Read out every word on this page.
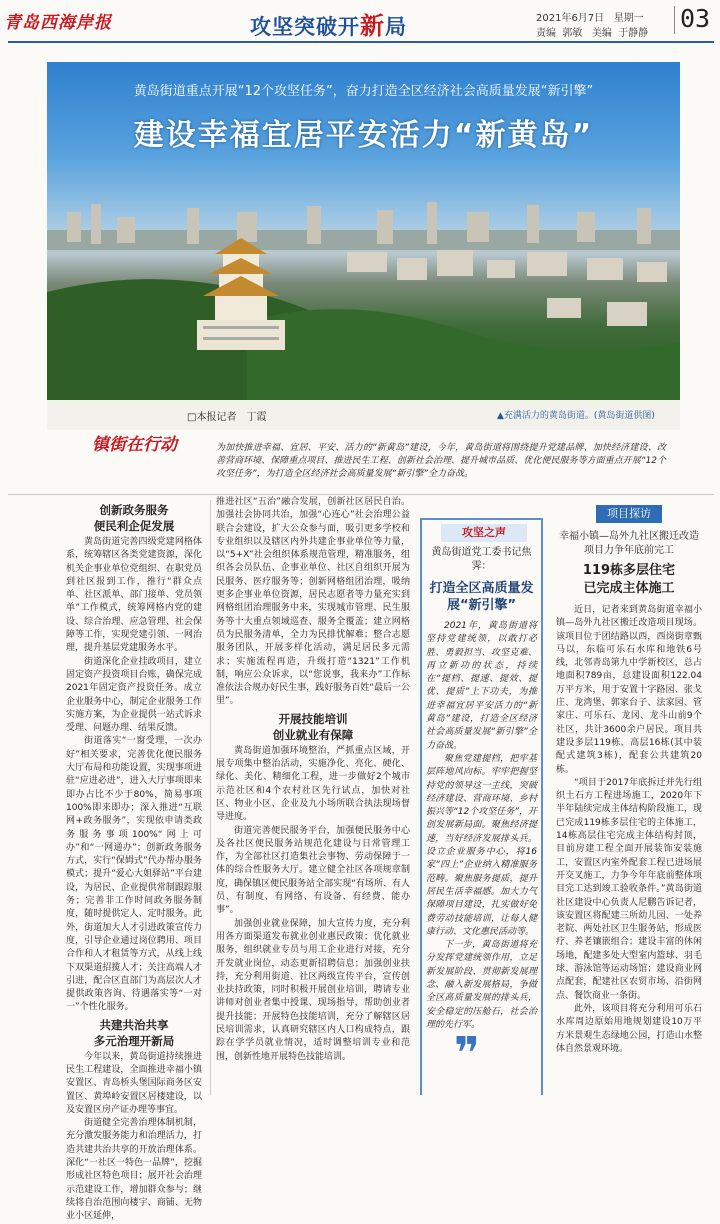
青岛西海岸报	攻坚突破开新局	2021年6月7日 星期一
责编 郭敏 美编 于静静
03
黄岛街道重点开展“12个攻坚任务”，奋力打造全区经济社会高质量发展“新引擎”
建设幸福宜居平安活力“新黄岛”
□本报记者　丁霞	▲充满活力的黄岛街道。(黄岛街道供图)
镇街在行动	为加快推进幸福、宜居、平安、活力的“新黄岛”建设，今年，黄岛街道将围绕提升党建品牌、加快经济建设、改善营商环境、保障重点项目、推进民生工程、创新社会治理、提升城市品质、优化便民服务等方面重点开展“12个攻坚任务”，为打造全区经济社会高质量发展“新引擎”全力奋战。
创新政务服务
便民利企促发展

黄岛街道完善四级党建网格体系，统筹辖区各类党建资源，深化机关企事业单位党组织、在职党员到社区报到工作，推行“群众点单、社区派单、部门接单、党员领单”工作模式，统筹网格内党的建设、综合治理、应急管理、社会保障等工作，实现党建引领、一网治理，提升基层党建服务水平。

街道深化企业挂政项目，建立固定资产投资项目台账，确保完成2021年固定资产投资任务。成立企业服务中心，制定企业服务工作实施方案，为企业提供一站式诉求受理、问题办理、结果反馈。

街道落实“一窗受理，一次办好”相关要求，完善优化便民服务大厅布局和功能设置，实现事项进驻“应进必进”，进入大厅事项即来即办占比不少于80%，简易事项100%即来即办；深入推进“互联网+政务服务”，实现依申请类政务服务事项100%“网上可办”和“一网通办”；创新政务服务方式，实行“保姆式”代办帮办服务模式；提升“爱心大姐驿站”平台建设，为居民、企业提供常制跟踪服务；完善非工作时间政务服务制度，随时提供定人、定时服务。此外，街道加大人才引进政策宣传力度，引导企业通过岗位聘用、项目合作和人才租赁等方式，从线上线下双渠道招揽人才；关注高端人才引进，配合区直部门为高层次人才提供政策咨询、待遇落实等“一对一”个性化服务。

共建共治共享
多元治理开新局

今年以来，黄岛街道持续推进民生工程建设，全面推进幸福小镇安置区、青岛桥头堡国际商务区安置区、黄埠岭安置区居楼建设，以及安置区房产证办理等事宜。

街道健全完善治理体制机制，充分激发服务能力和治理活力，打造共建共治共享的开放治理体系。深化“一社区一特色一品牌”，挖掘形成社区特色项目；展开社会治理示范建设工作，增加群众参与；继续将自治范围向楼宇、商铺、无物业小区延伸，

推进社区“五治”融合发展，创新社区居民自治。加强社会协同共治，加强“心连心”社会治理公益联合会建设，扩大公众参与面，吸引更多学校和专业组织以及辖区内外共建企事业单位等力量，以“5+X”社会组织体系规范管理，精准服务，组织各会员队伍、企事业单位、社区自组织开展为民服务、医疗服务等；创新网格组团治理，吸纳更多企事业单位资源，居民志愿者等力量充实到网格组团治理服务中来，实现城市管理、民生服务等十大重点领域巡查、服务全覆盖；建立网格员为民服务清单，全力为民排忧解难；整合志愿服务团队，开展多样化活动，满足居民多元需求；实施流程再造，升级打造“1321”工作机制，响应公众诉求，以“您说事，我来办”工作标准依法合规办好民生事，践好服务百姓“最后一公里”。

开展技能培训
创业就业有保障

黄岛街道加强环境整治，严抓重点区域，开展专项集中整治活动，实施净化、亮化、硬化、绿化、美化、精细化工程，进一步做好2个城市示范社区和4个农村社区先行试点，加快对社区、物业小区、企业及九小场所联合执法现场督导进度。

街道完善便民服务平台，加强便民服务中心及各社区便民服务站规范化建设与日常管理工作，为全部社区打造集社会事物、劳动保障于一体的综合性服务大厅。建立健全社区各项规章制度，确保镇区便民服务站全部实现“有场所、有人员、有制度、有网络、有设备、有经费、能办事”。

加强创业就业保障，加大宣传力度，充分利用各方面渠道发布就业创业惠民政策；优化就业服务，组织就业专员与用工企业进行对接，充分开发就业岗位，动态更新招聘信息；加强创业扶持，充分利用街道、社区两级宣传平台，宣传创业扶持政策，同时积极开展创业培训，聘请专业讲师对创业者集中授课、现场指导，帮助创业者提升技能；开展特色技能培训，充分了解辖区居民培训需求，认真研究辖区内人口构成特点，跟踪在学学员就业情况，适时调整培训专业和范围，创新性地开展特色技能培训。

攻坚之声
黄岛街道党工委书记焦霁：
打造全区高质量发展“新引擎”

2021年，黄岛街道将坚持党建统领，以敢打必胜、勇毅担当、攻坚克难、再立新功的状态，持续在“提档、提速、提效、提优、提质”上下功夫，为推进幸福宜居平安活力的“新黄岛”建设，打造全区经济社会高质量发展“新引擎”全力奋战。

聚焦党建提档，把牢基层阵地风向标。牢牢把握坚持党的领导这一主线，突破经济建设、营商环境、乡村振兴等“12个攻坚任务”，开创发展新局面。聚焦经济提速，当好经济发展排头兵。设立企业服务中心，将16家“四上”企业纳入精准服务范畴。聚焦服务提质，提升居民生活幸福感。加大力气保障项目建设，扎实做好免费劳动技能培训，让每人健康行动、文化惠民活动等。

下一步，黄岛街道将充分发挥党建统领作用，立足新发展阶段、贯彻新发展理念、融入新发展格局，争做全区高质量发展的排头兵，安全稳定的压舱石，社会治理的先行军。

❞
项目探访
幸福小镇—岛外九社区搬迁改造项目力争年底前完工
119栋多层住宅
已完成主体施工

近日，记者来到黄岛街道幸福小镇—岛外九社区搬迁改造项目现场。该项目位于团结路以西，西岗街章甄马以，东临可乐石水库和地铁6号线，北邻青岛第九中学新校区，总占地面积789亩，总建设面积122.04万平方米，用于安置十字路园、张戈庄、龙湾堡、郭家台子、法家园、管家庄、可乐石、龙冈、龙斗山前9个社区，共计3600余户居民。项目共建设多层119栋、高层16栋(其中装配式建筑3栋)，配套公共建筑20栋。

“项目于2017年底拆迁并先行组织土石方工程进场施工，2020年下半年陆续完成主体结构阶段施工，现已完成119栋多层住宅的主体施工，14栋高层住宅完成主体结构封顶，目前房建工程全面开展装饰安装施工，安置区内室外配套工程已进场展开交叉施工，力争今年年底前整体项目完工达到竣工验收条件。”黄岛街道社区建设中心负责人尼鹏告诉记者，该安置区将配建三所幼儿园、一处养老院、两处社区卫生服务站，形成医疗、养老镶嵌组合；建设丰富的休闲场地，配建多处大型室内篮球、羽毛球、游泳馆等运动场馆；建设商业网点配套，配建社区农贸市场、沿街网点、餐饮商业一条街。

此外，该项目将充分利用可乐石水库周边原始用地规划建设10万平方米景观生态绿地公园，打造山水整体自然景观环境。
